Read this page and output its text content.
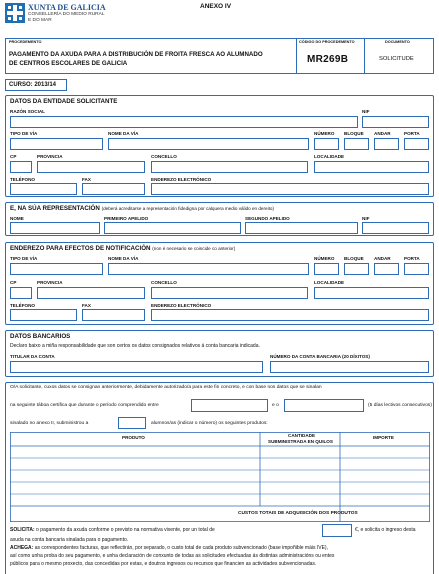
XUNTA DE GALICIA
CONSELLERÍA DO MEDIO RURAL
E DO MAR
ANEXO IV
PROCEDEMENTO
PAGAMENTO DA AXUDA PARA A DISTRIBUCIÓN DE FROITA FRESCA AO ALUMNADO
DE CENTROS ESCOLARES DE GALICIA
CÓDIGO DO PROCEDEMENTO
MR269B
DOCUMENTO
SOLICITUDE
CURSO: 2013/14
DATOS DA ENTIDADE SOLICITANTE
RAZÓN SOCIAL	NIF
TIPO DE VÍA	NOME DA VÍA	NÚMERO BLOQUE ANDAR	PORTA
CP	PROVINCIA	CONCELLO	LOCALIDADE
TELÉFONO	FAX	ENDEREZO ELECTRÓNICO
E, NA SÚA REPRESENTACIÓN (deberá acreditarse a representación fidedigna por calquera medio válido en dereito)
NOME	PRIMEIRO APELIDO	SEGUNDO APELIDO	NIF
ENDEREZO PARA EFECTOS DE NOTIFICACIÓN (non é necesario se coincide co anterior)
TIPO DE VÍA	NOME DA VÍA	NÚMERO BLOQUE ANDAR	PORTA
CP	PROVINCIA	CONCELLO	LOCALIDADE
TELÉFONO	FAX	ENDEREZO ELECTRÓNICO
DATOS BANCARIOS
Declaro baixo a miña responsabilidade que son certos os datos consignados relativos á conta bancaria indicada.
TITULAR DA CONTA	NÚMERO DA CONTA BANCARIA (20 DÍXITOS)
O/A solicitante, cuxos datos se consignan anteriormente, debidamente autorizado/a para este fin concreto, e con base nos datos que se sinalan
na seguinte táboa certifica que durante o período comprendido entre	e o	(5 días lectivos consecutivos)
sinalado no anexo II, subministrou a	alumnos/as (indicar o número) os seguintes produtos:
PRODUTO	CANTIDADE
SUBMINISTRADA EN QUILOS
IMPORTE
CUSTOS TOTAIS DE ADQUISICIÓN DOS PRODUTOS
SOLICITA: o pagamento da axuda conforme o previsto na normativa vixente, por un total de	€, e solicita o ingreso desta
axuda na conta bancaria sinalada para o pagamento.
ACHEGA: as correspondentes facturas, que reflectirán, por separado, o custo total de cada produto subvencionado (base impoñible máis IVE),
así como unha proba do seu pagamento, e unha declaración de conxunto de todas as solicitudes efectuadas ás distintas administracións ou entes
públicos para o mesmo proxecto, das concedidas por estas, e doutros ingresos ou recursos que financien as actividades subvencionadas.
